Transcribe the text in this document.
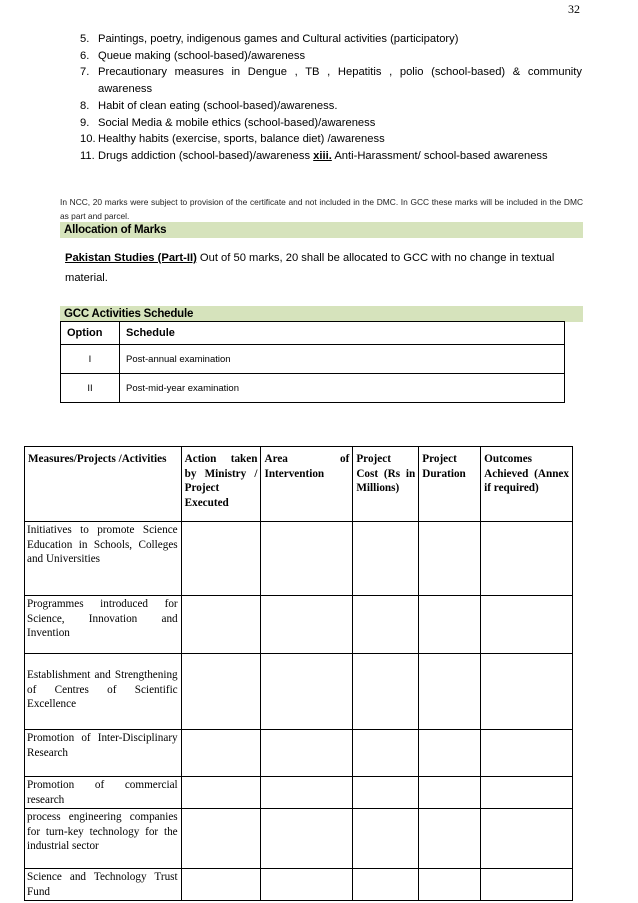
32
5. Paintings, poetry, indigenous games and Cultural activities (participatory)
6. Queue making (school-based)/awareness
7. Precautionary measures in Dengue , TB , Hepatitis , polio (school-based) & community awareness
8. Habit of clean eating (school-based)/awareness.
9. Social Media & mobile ethics (school-based)/awareness
10. Healthy habits (exercise, sports, balance diet) /awareness
11. Drugs addiction (school-based)/awareness xiii. Anti-Harassment/ school-based awareness
In NCC, 20 marks were subject to provision of the certificate and not included in the DMC. In GCC these marks will be included in the DMC as part and parcel.
Allocation of Marks
Pakistan Studies (Part-II) Out of 50 marks, 20 shall be allocated to GCC with no change in textual material.
GCC Activities Schedule
Option	Schedule
I	Post-annual examination
II	Post-mid-year examination
Measures/Projects /Activities	Action taken by Ministry / Project Executed	Area of Intervention	Project Cost (Rs in Millions)	Project Duration	Outcomes Achieved (Annex if required)
Initiatives to promote Science Education in Schools, Colleges and Universities					
Programmes introduced for Science, Innovation and Invention					
Establishment and Strengthening of Centres of Scientific Excellence					
Promotion of Inter-Disciplinary Research					
Promotion of commercial research					
process engineering companies for turn-key technology for the industrial sector					
Science and Technology Trust Fund					
